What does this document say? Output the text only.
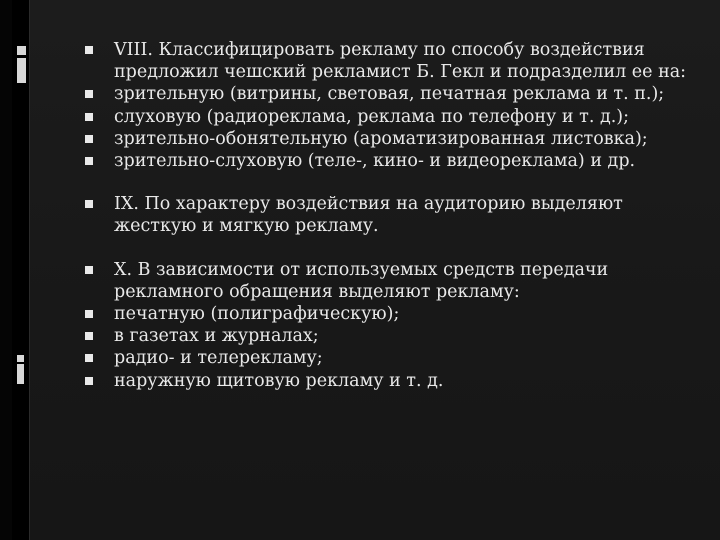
VIII. Классифицировать рекламу по способу воздействия предложил чешский рекламист Б. Гекл и подразделил ее на:
зрительную (витрины, световая, печатная реклама и т. п.);
слуховую (радиореклама, реклама по телефону и т. д.);
зрительно-обонятельную (ароматизированная листовка);
зрительно-слуховую (теле-, кино- и видеореклама) и др.
IX. По характеру воздействия на аудиторию выделяют жесткую и мягкую рекламу.
X. В зависимости от используемых средств передачи рекламного обращения выделяют рекламу:
печатную (полиграфическую);
в газетах и журналах;
радио- и телерекламу;
наружную щитовую рекламу и т. д.
